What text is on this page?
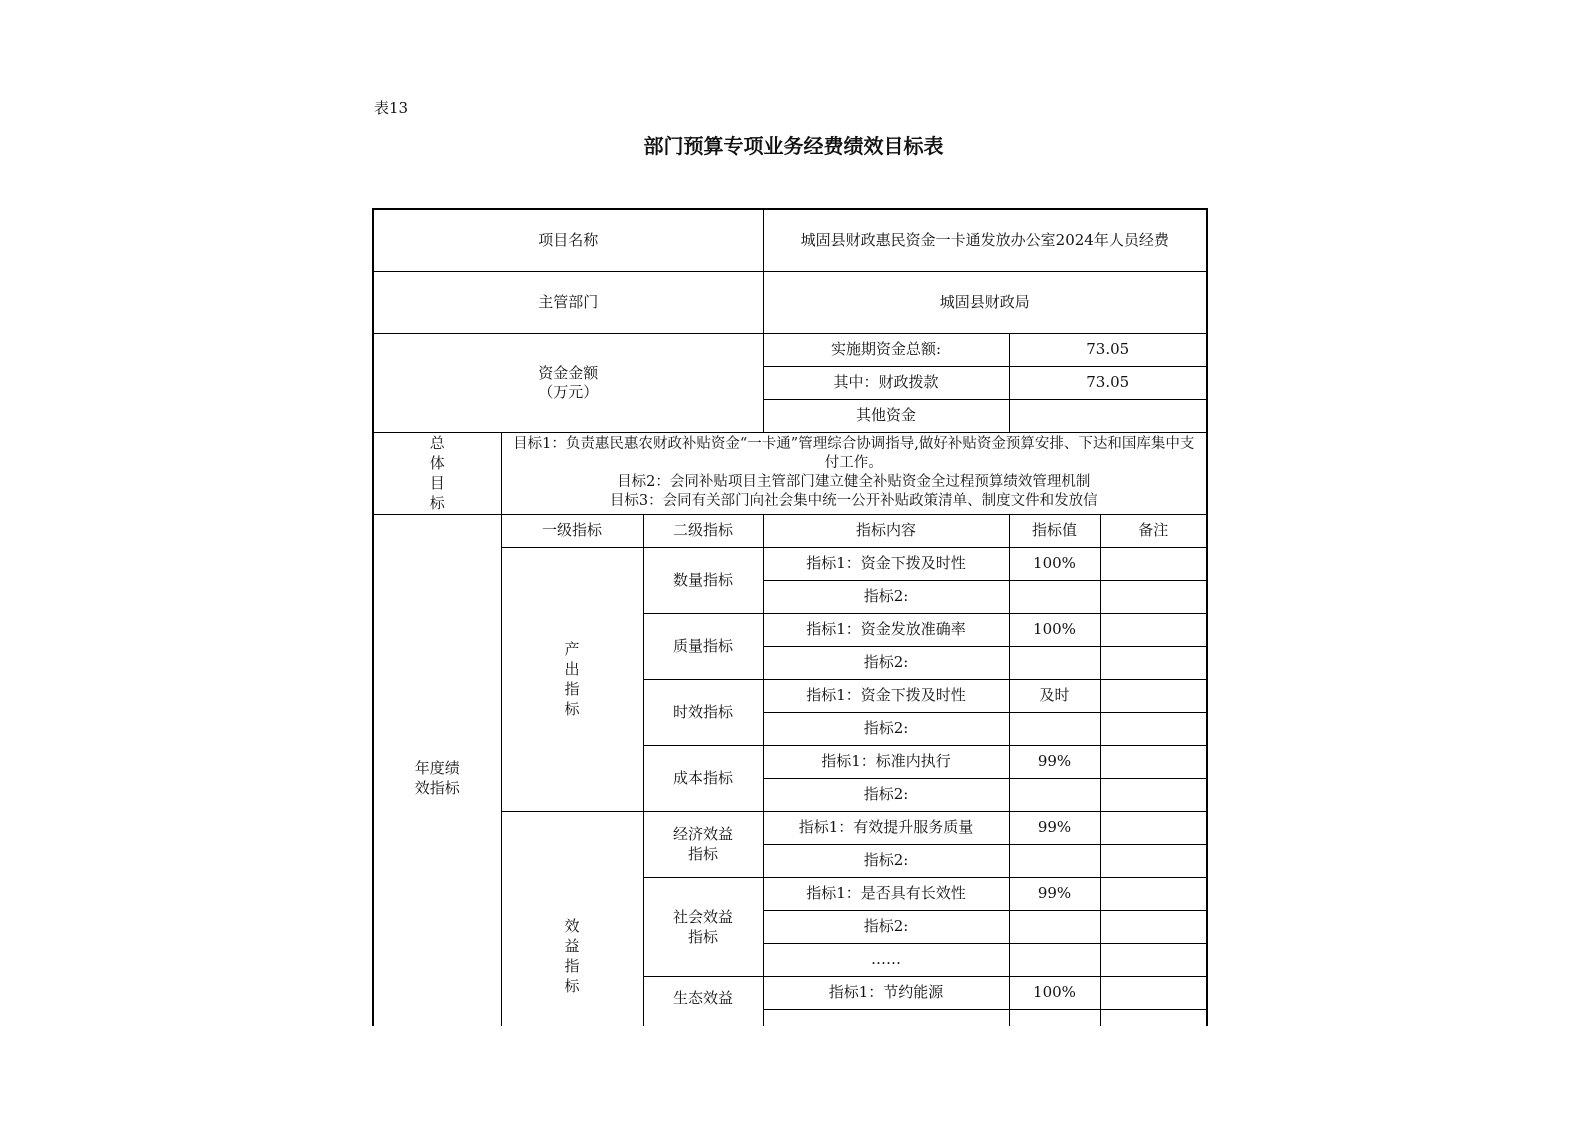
表13
部门预算专项业务经费绩效目标表
项目名称			城固县财政惠民资金一卡通发放办公室2024年人员经费		
主管部门			城固县财政局		

资金金额
（万元）			实施期资金总额:	73.05	
			其中：财政拨款	73.05	
			其他资金		
总体目标	目标1：负责惠民惠农财政补贴资金“一卡通”管理综合协调指导,做好补贴资金预算安排、下达和国库集中支付工作。
目标2：会同补贴项目主管部门建立健全补贴资金全过程预算绩效管理机制
目标3：会同有关部门向社会集中统一公开补贴政策清单、制度文件和发放信				

年度绩效指标	一级指标	二级指标	指标内容	指标值	备注
	产出指标	数量指标	指标1：资金下拨及时性	100%	
			指标2:		
		质量指标	指标1：资金发放准确率	100%	
			指标2:		
		时效指标	指标1：资金下拨及时性	及时	
			指标2:		
		成本指标	指标1：标准内执行	99%	
			指标2:		
	效益指标	经济效益指标	指标1：有效提升服务质量	99%	
			指标2:		
		社会效益指标	指标1：是否具有长效性	99%	
			指标2:		
			……		
		生态效益	指标1：节约能源	100%	
